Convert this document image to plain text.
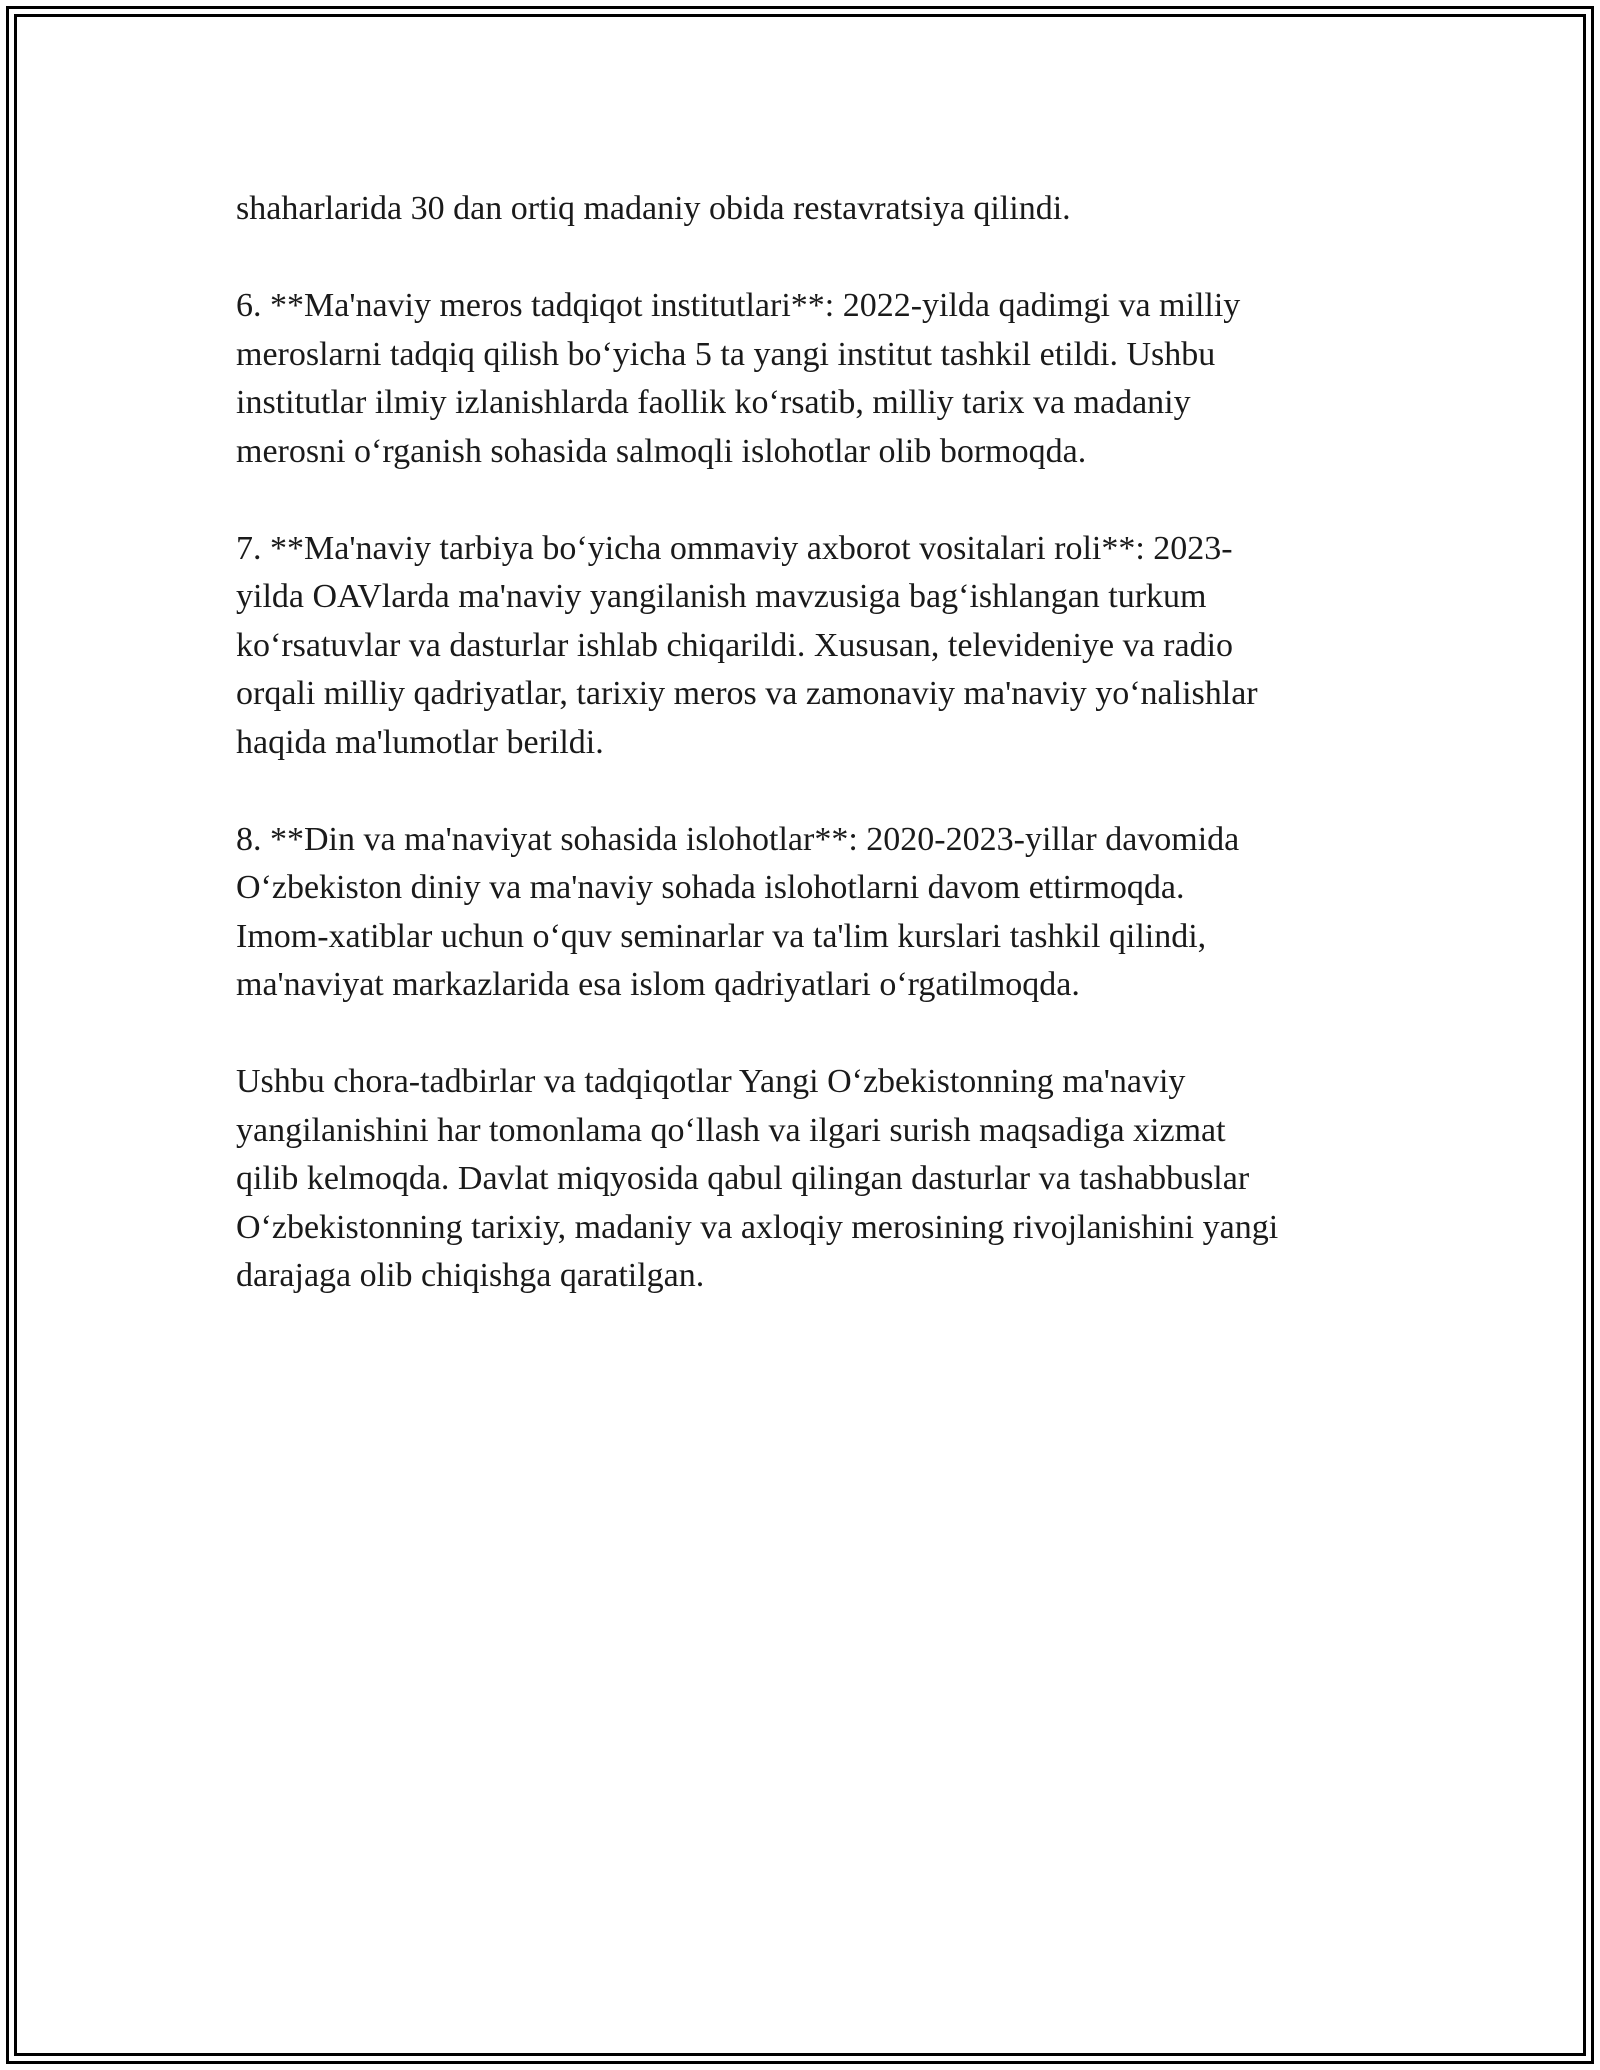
shaharlarida 30 dan ortiq madaniy obida restavratsiya qilindi.

6. **Ma'naviy meros tadqiqot institutlari**: 2022-yilda qadimgi va milliy
meroslarni tadqiq qilish bo‘yicha 5 ta yangi institut tashkil etildi. Ushbu
institutlar ilmiy izlanishlarda faollik ko‘rsatib, milliy tarix va madaniy
merosni o‘rganish sohasida salmoqli islohotlar olib bormoqda.

7. **Ma'naviy tarbiya bo‘yicha ommaviy axborot vositalari roli**: 2023-
yilda OAVlarda ma'naviy yangilanish mavzusiga bag‘ishlangan turkum
ko‘rsatuvlar va dasturlar ishlab chiqarildi. Xususan, televideniye va radio
orqali milliy qadriyatlar, tarixiy meros va zamonaviy ma'naviy yo‘nalishlar
haqida ma'lumotlar berildi.

8. **Din va ma'naviyat sohasida islohotlar**: 2020-2023-yillar davomida
O‘zbekiston diniy va ma'naviy sohada islohotlarni davom ettirmoqda.
Imom-xatiblar uchun o‘quv seminarlar va ta'lim kurslari tashkil qilindi,
ma'naviyat markazlarida esa islom qadriyatlari o‘rgatilmoqda.

Ushbu chora-tadbirlar va tadqiqotlar Yangi O‘zbekistonning ma'naviy
yangilanishini har tomonlama qo‘llash va ilgari surish maqsadiga xizmat
qilib kelmoqda. Davlat miqyosida qabul qilingan dasturlar va tashabbuslar
O‘zbekistonning tarixiy, madaniy va axloqiy merosining rivojlanishini yangi
darajaga olib chiqishga qaratilgan.
